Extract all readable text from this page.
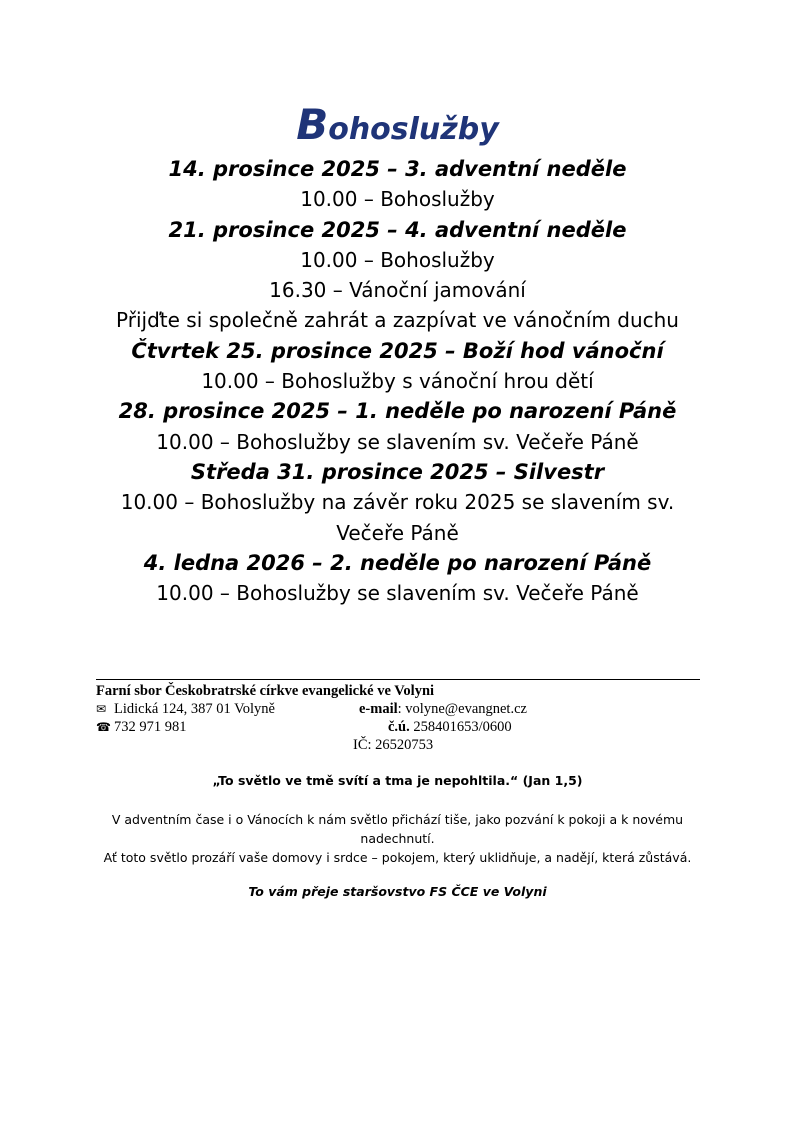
Bohoslužby
14. prosince 2025 – 3. adventní neděle
10.00 – Bohoslužby
21. prosince 2025 – 4. adventní neděle
10.00 – Bohoslužby
16.30 – Vánoční jamování
Přijďte si společně zahrát a zazpívat ve vánočním duchu
Čtvrtek 25. prosince 2025 – Boží hod vánoční
10.00 – Bohoslužby s vánoční hrou dětí
28. prosince 2025 – 1. neděle po narození Páně
10.00 – Bohoslužby se slavením sv. Večeře Páně
Středa 31. prosince 2025 – Silvestr
10.00 – Bohoslužby na závěr roku 2025 se slavením sv. Večeře Páně
4. ledna 2026 – 2. neděle po narození Páně
10.00 – Bohoslužby se slavením sv. Večeře Páně
Farní sbor Českobratrské církve evangelické ve Volyni
✉ Lidická 124, 387 01 Volyně
☎ 732 971 981
e-mail: volyne@evangnet.cz
č.ú. 258401653/0600
IČ: 26520753
„To světlo ve tmě svítí a tma je nepohltila.“ (Jan 1,5)
V adventním čase i o Vánocích k nám světlo přichází tiše, jako pozvání k pokoji a k novému nadechnutí.
Ať toto světlo prozáří vaše domovy i srdce – pokojem, který uklidňuje, a nadějí, která zůstává.
To vám přeje staršovstvo FS ČCE ve Volyni
